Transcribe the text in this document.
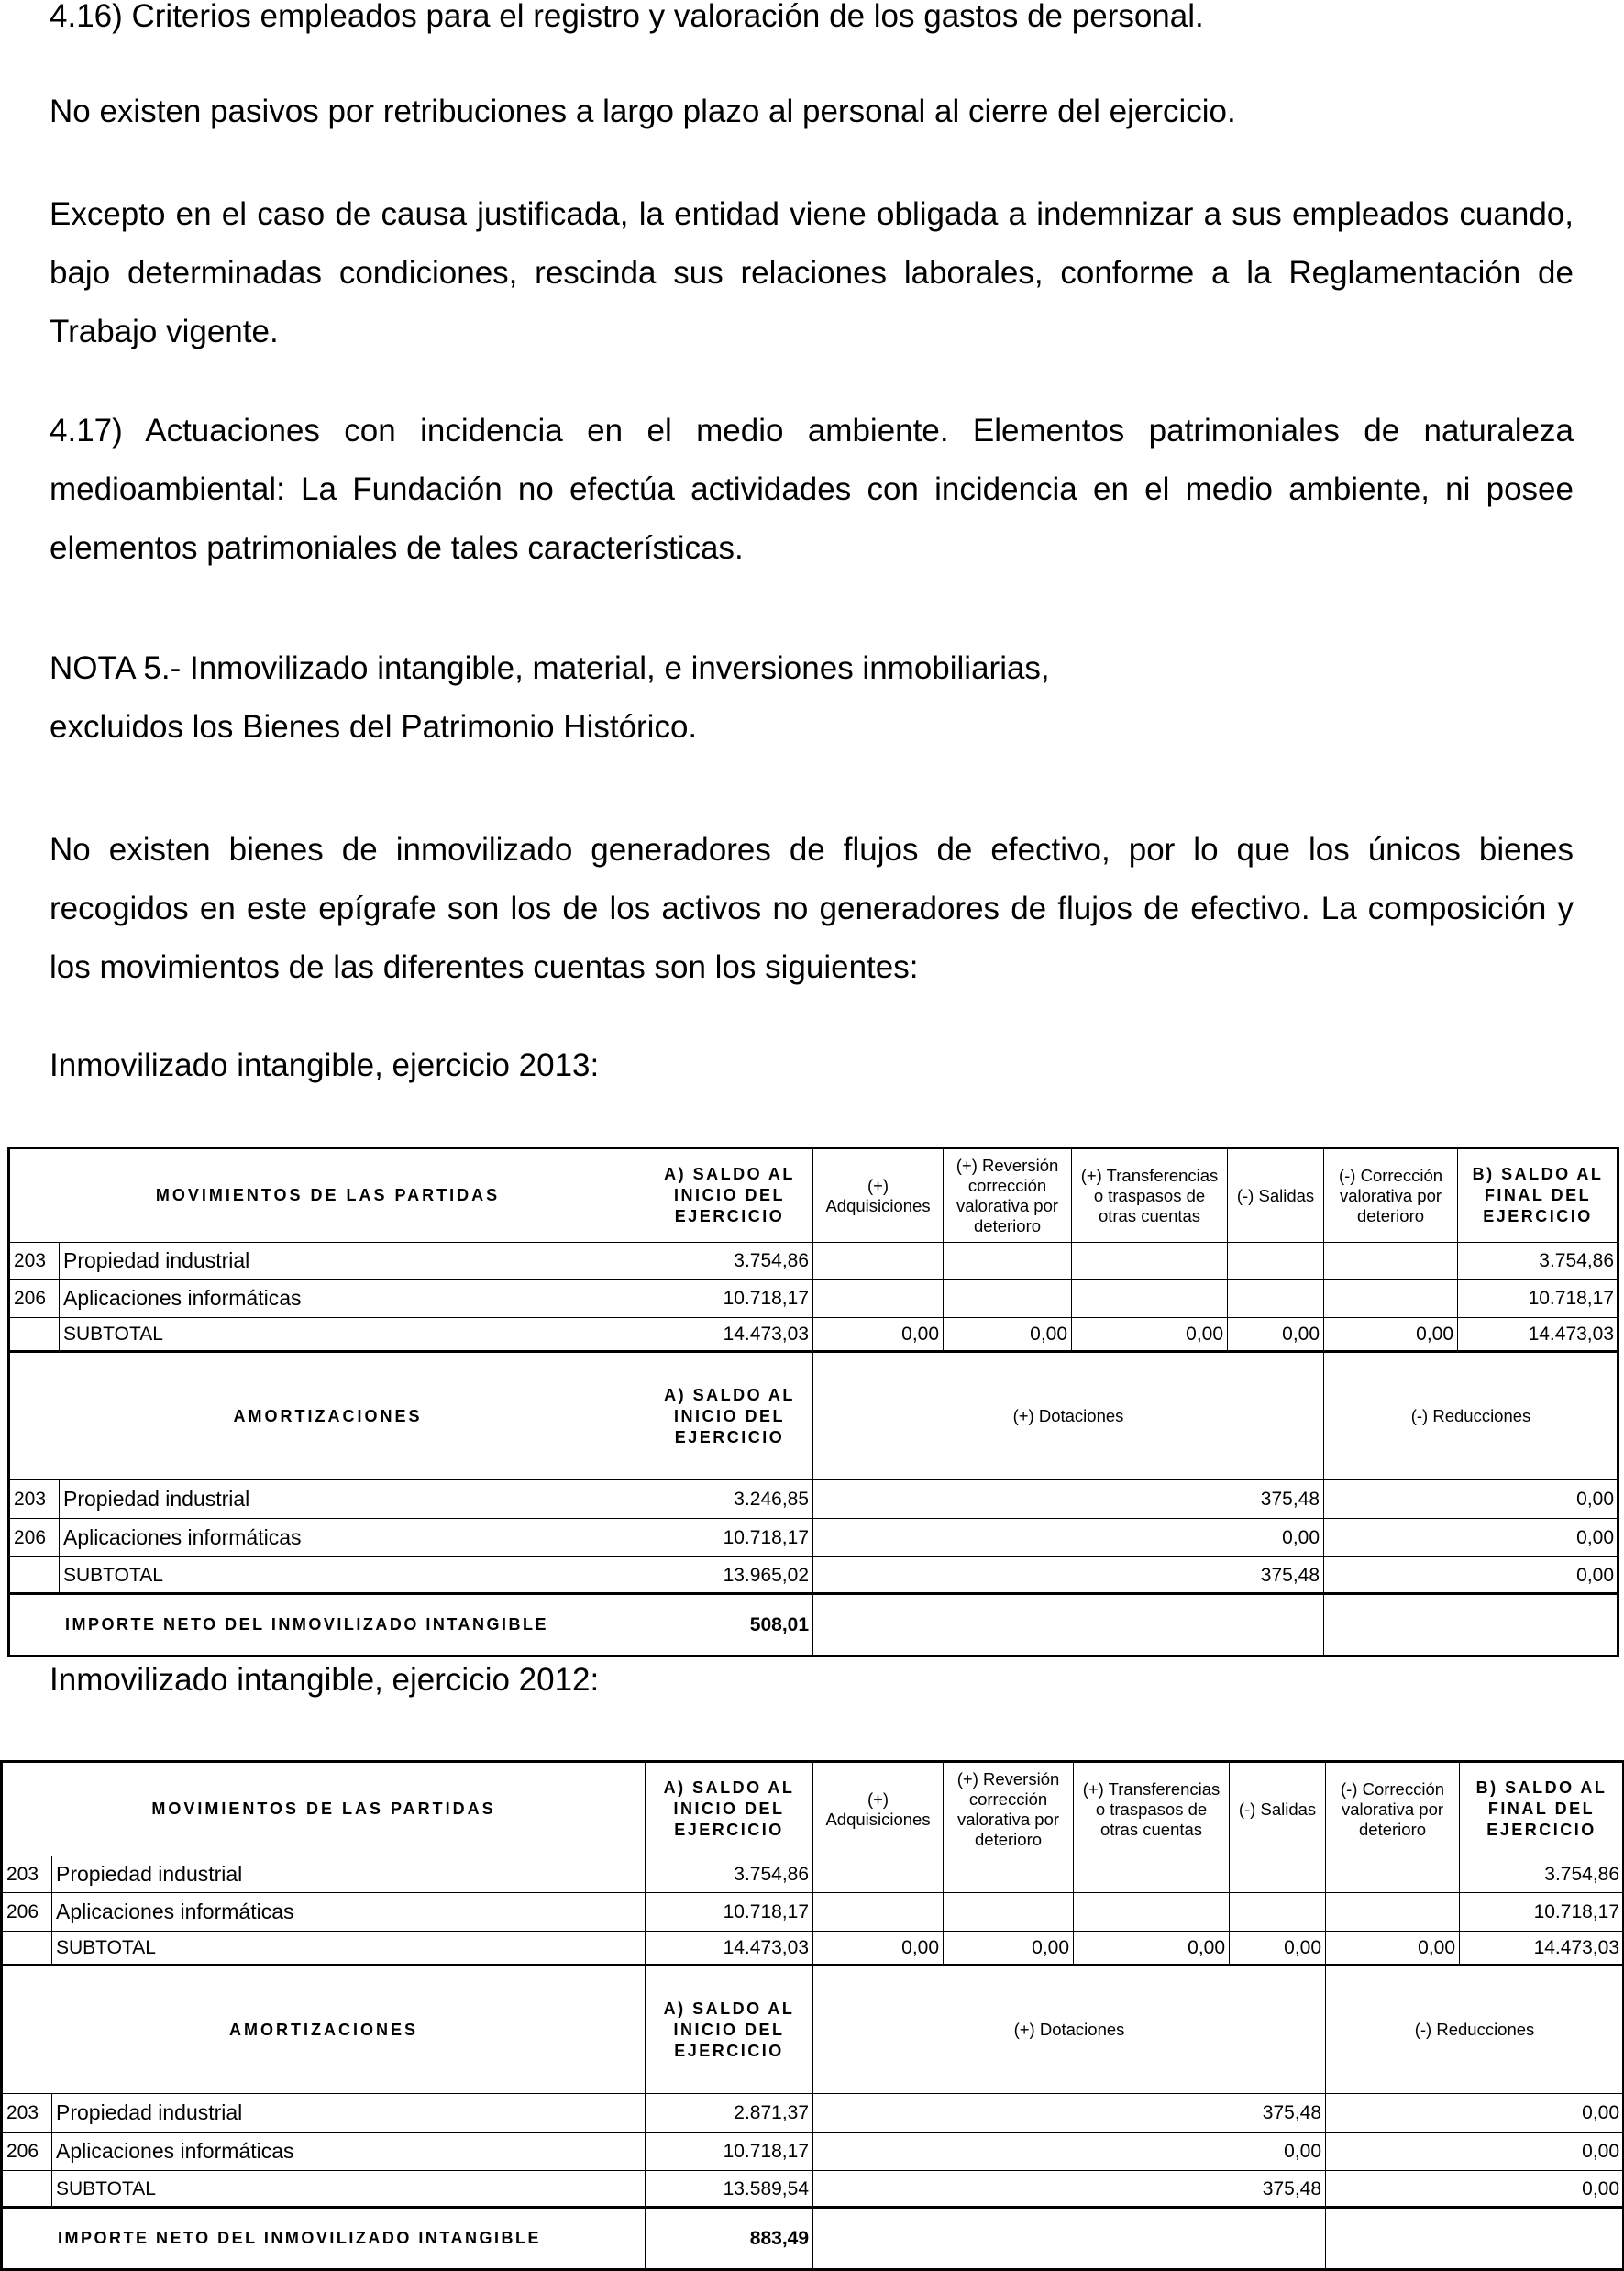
4.16) Criterios empleados para el registro y valoración de los gastos de personal.

No existen pasivos por retribuciones a largo plazo al personal al cierre del ejercicio.

Excepto en el caso de causa justificada, la entidad viene obligada a indemnizar a sus empleados cuando, bajo determinadas condiciones, rescinda sus relaciones laborales, conforme a la Reglamentación de Trabajo vigente.

4.17) Actuaciones con incidencia en el medio ambiente. Elementos patrimoniales de naturaleza medioambiental: La Fundación no efectúa actividades con incidencia en el medio ambiente, ni posee elementos patrimoniales de tales características.

NOTA 5.- Inmovilizado intangible, material, e inversiones inmobiliarias,
excluidos los Bienes del Patrimonio Histórico.

No existen bienes de inmovilizado generadores de flujos de efectivo, por lo que los únicos bienes recogidos en este epígrafe son los de los activos no generadores de flujos de efectivo. La composición y los movimientos de las diferentes cuentas son los siguientes:

Inmovilizado intangible, ejercicio 2013:
Inmovilizado intangible, ejercicio 2012:
MOVIMIENTOS DE LAS PARTIDAS		A) SALDO AL INICIO DEL EJERCICIO	(+) Adquisiciones	(+) Reversión corrección valorativa por deterioro	(+) Transferencias o traspasos de otras cuentas	(-) Salidas	(-) Corrección valorativa por deterioro	B) SALDO AL FINAL DEL EJERCICIO	
203	Propiedad industrial	3.754,86						3.754,86	
206	Aplicaciones informáticas	10.718,17						10.718,17	
	SUBTOTAL	14.473,03	0,00	0,00	0,00	0,00	0,00	14.473,03	
AMORTIZACIONES		A) SALDO AL INICIO DEL EJERCICIO	(+) Dotaciones				(-) Reducciones	
203	Propiedad industrial	3.246,85	375,48				0,00	
206	Aplicaciones informáticas	10.718,17	0,00				0,00	
	SUBTOTAL	13.965,02	375,48				0,00	
IMPORTE NETO DEL INMOVILIZADO INTANGIBLE		508,01			
MOVIMIENTOS DE LAS PARTIDAS		A) SALDO AL INICIO DEL EJERCICIO	(+) Adquisiciones	(+) Reversión corrección valorativa por deterioro	(+) Transferencias o traspasos de otras cuentas	(-) Salidas	(-) Corrección valorativa por deterioro	B) SALDO AL FINAL DEL EJERCICIO	
203	Propiedad industrial	3.754,86						3.754,86	
206	Aplicaciones informáticas	10.718,17						10.718,17	
	SUBTOTAL	14.473,03	0,00	0,00	0,00	0,00	0,00	14.473,03	
AMORTIZACIONES		A) SALDO AL INICIO DEL EJERCICIO	(+) Dotaciones				(-) Reducciones	
203	Propiedad industrial	2.871,37	375,48				0,00	
206	Aplicaciones informáticas	10.718,17	0,00				0,00	
	SUBTOTAL	13.589,54	375,48				0,00	
IMPORTE NETO DEL INMOVILIZADO INTANGIBLE		883,49			
